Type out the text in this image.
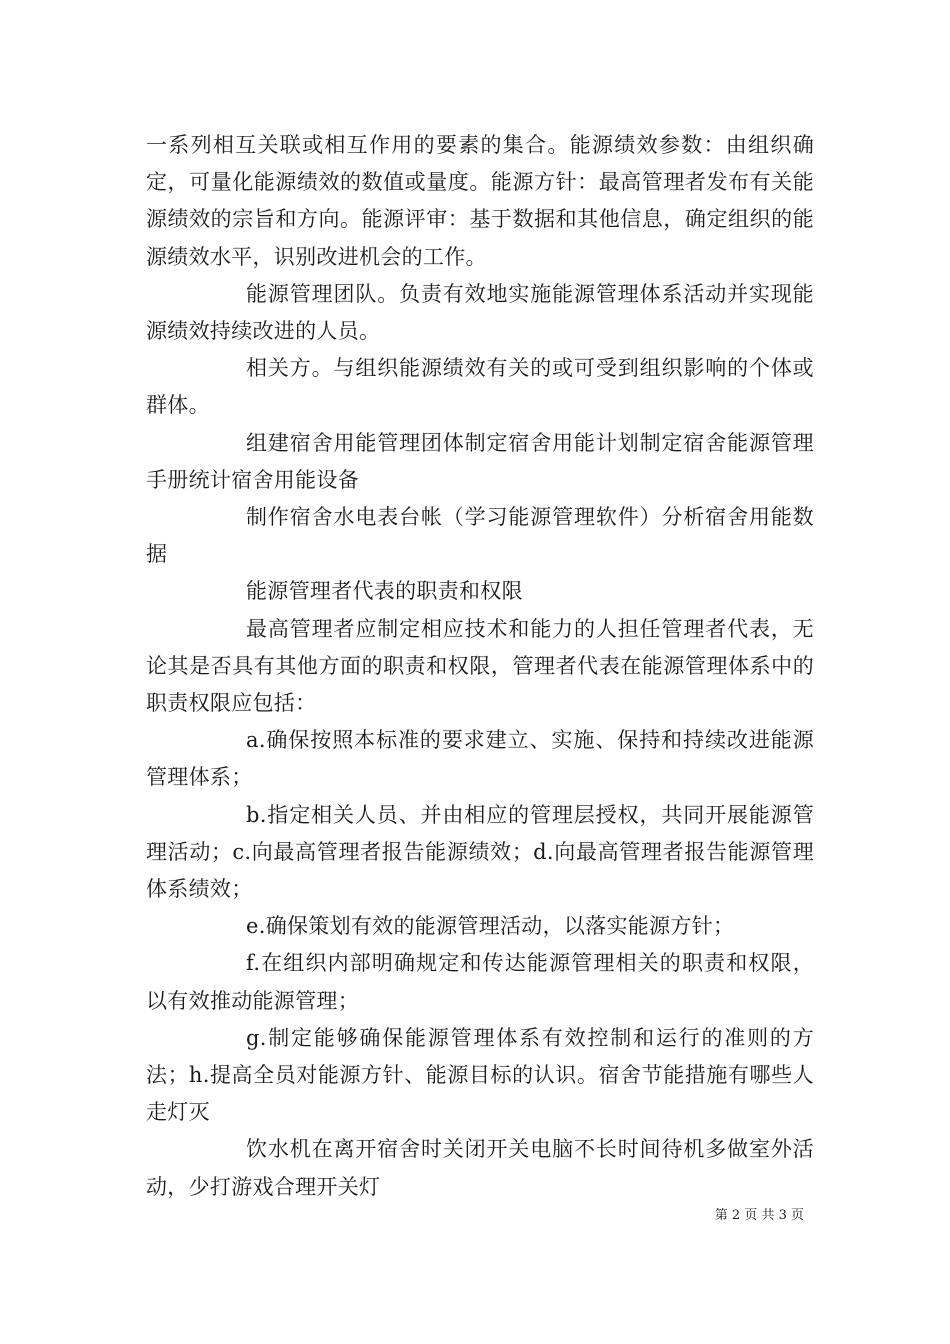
一系列相互关联或相互作用的要素的集合。能源绩效参数：由组织确定，可量化能源绩效的数值或量度。能源方针：最高管理者发布有关能源绩效的宗旨和方向。能源评审：基于数据和其他信息，确定组织的能源绩效水平，识别改进机会的工作。

能源管理团队。负责有效地实施能源管理体系活动并实现能源绩效持续改进的人员。

相关方。与组织能源绩效有关的或可受到组织影响的个体或群体。

组建宿舍用能管理团体制定宿舍用能计划制定宿舍能源管理手册统计宿舍用能设备

制作宿舍水电表台帐（学习能源管理软件）分析宿舍用能数据

能源管理者代表的职责和权限

最高管理者应制定相应技术和能力的人担任管理者代表，无论其是否具有其他方面的职责和权限，管理者代表在能源管理体系中的职责权限应包括：

a.确保按照本标准的要求建立、实施、保持和持续改进能源管理体系；

b.指定相关人员、并由相应的管理层授权，共同开展能源管理活动；c.向最高管理者报告能源绩效；d.向最高管理者报告能源管理体系绩效；

e.确保策划有效的能源管理活动，以落实能源方针；

f.在组织内部明确规定和传达能源管理相关的职责和权限，以有效推动能源管理；

g.制定能够确保能源管理体系有效控制和运行的准则的方法；h.提高全员对能源方针、能源目标的认识。宿舍节能措施有哪些人走灯灭

饮水机在离开宿舍时关闭开关电脑不长时间待机多做室外活动，少打游戏合理开关灯

第 2 页 共 3 页
